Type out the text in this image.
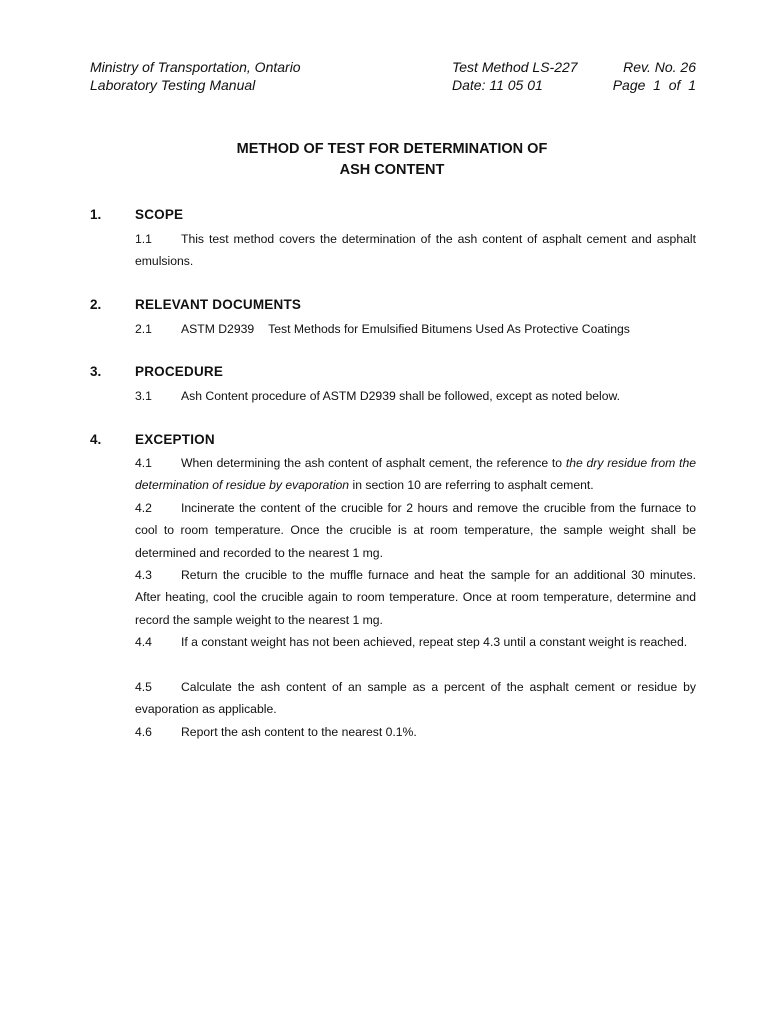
Ministry of Transportation, Ontario
Laboratory Testing Manual
Test Method LS-227
Date: 11 05 01
Rev. No. 26
Page  1  of  1
METHOD OF TEST FOR DETERMINATION OF
ASH CONTENT
1. SCOPE
1.1 This test method covers the determination of the ash content of asphalt cement and asphalt emulsions.
2. RELEVANT DOCUMENTS
2.1 ASTM D2939 Test Methods for Emulsified Bitumens Used As Protective Coatings
3. PROCEDURE
3.1 Ash Content procedure of ASTM D2939 shall be followed, except as noted below.
4. EXCEPTION
4.1 When determining the ash content of asphalt cement, the reference to the dry residue from the determination of residue by evaporation in section 10 are referring to asphalt cement.
4.2 Incinerate the content of the crucible for 2 hours and remove the crucible from the furnace to cool to room temperature. Once the crucible is at room temperature, the sample weight shall be determined and recorded to the nearest 1 mg.
4.3 Return the crucible to the muffle furnace and heat the sample for an additional 30 minutes. After heating, cool the crucible again to room temperature. Once at room temperature, determine and record the sample weight to the nearest 1 mg.
4.4 If a constant weight has not been achieved, repeat step 4.3 until a constant weight is reached.
4.5 Calculate the ash content of an sample as a percent of the asphalt cement or residue by evaporation as applicable.
4.6 Report the ash content to the nearest 0.1%.
